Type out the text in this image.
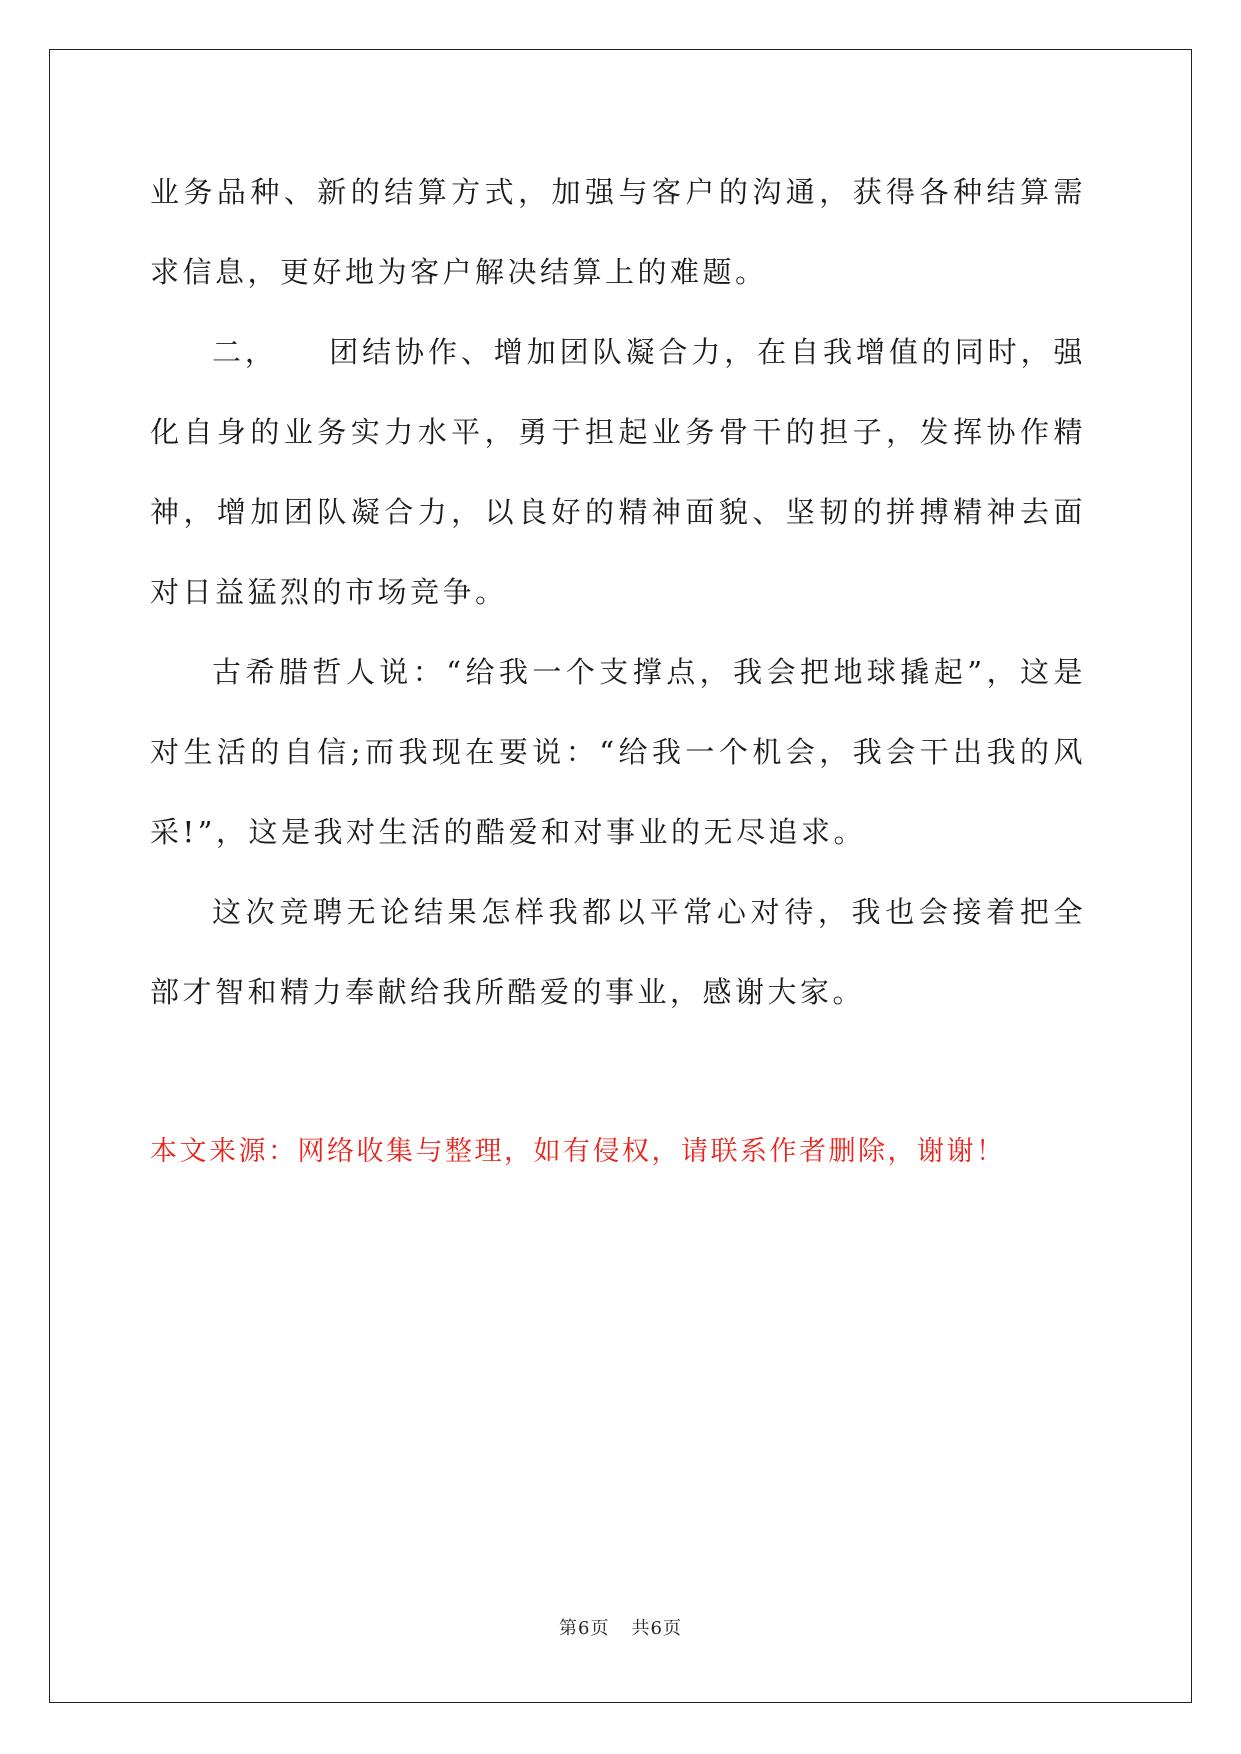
业务品种、新的结算方式，加强与客户的沟通，获得各种结算需求信息，更好地为客户解决结算上的难题。

二，　　团结协作、增加团队凝合力，在自我增值的同时，强化自身的业务实力水平，勇于担起业务骨干的担子，发挥协作精神，增加团队凝合力，以良好的精神面貌、坚韧的拼搏精神去面对日益猛烈的市场竞争。

古希腊哲人说：“给我一个支撑点，我会把地球撬起”，这是对生活的自信;而我现在要说：“给我一个机会，我会干出我的风采!”，这是我对生活的酷爱和对事业的无尽追求。

这次竞聘无论结果怎样我都以平常心对待，我也会接着把全部才智和精力奉献给我所酷爱的事业，感谢大家。

本文来源：网络收集与整理，如有侵权，请联系作者删除，谢谢！

第6页 共6页
